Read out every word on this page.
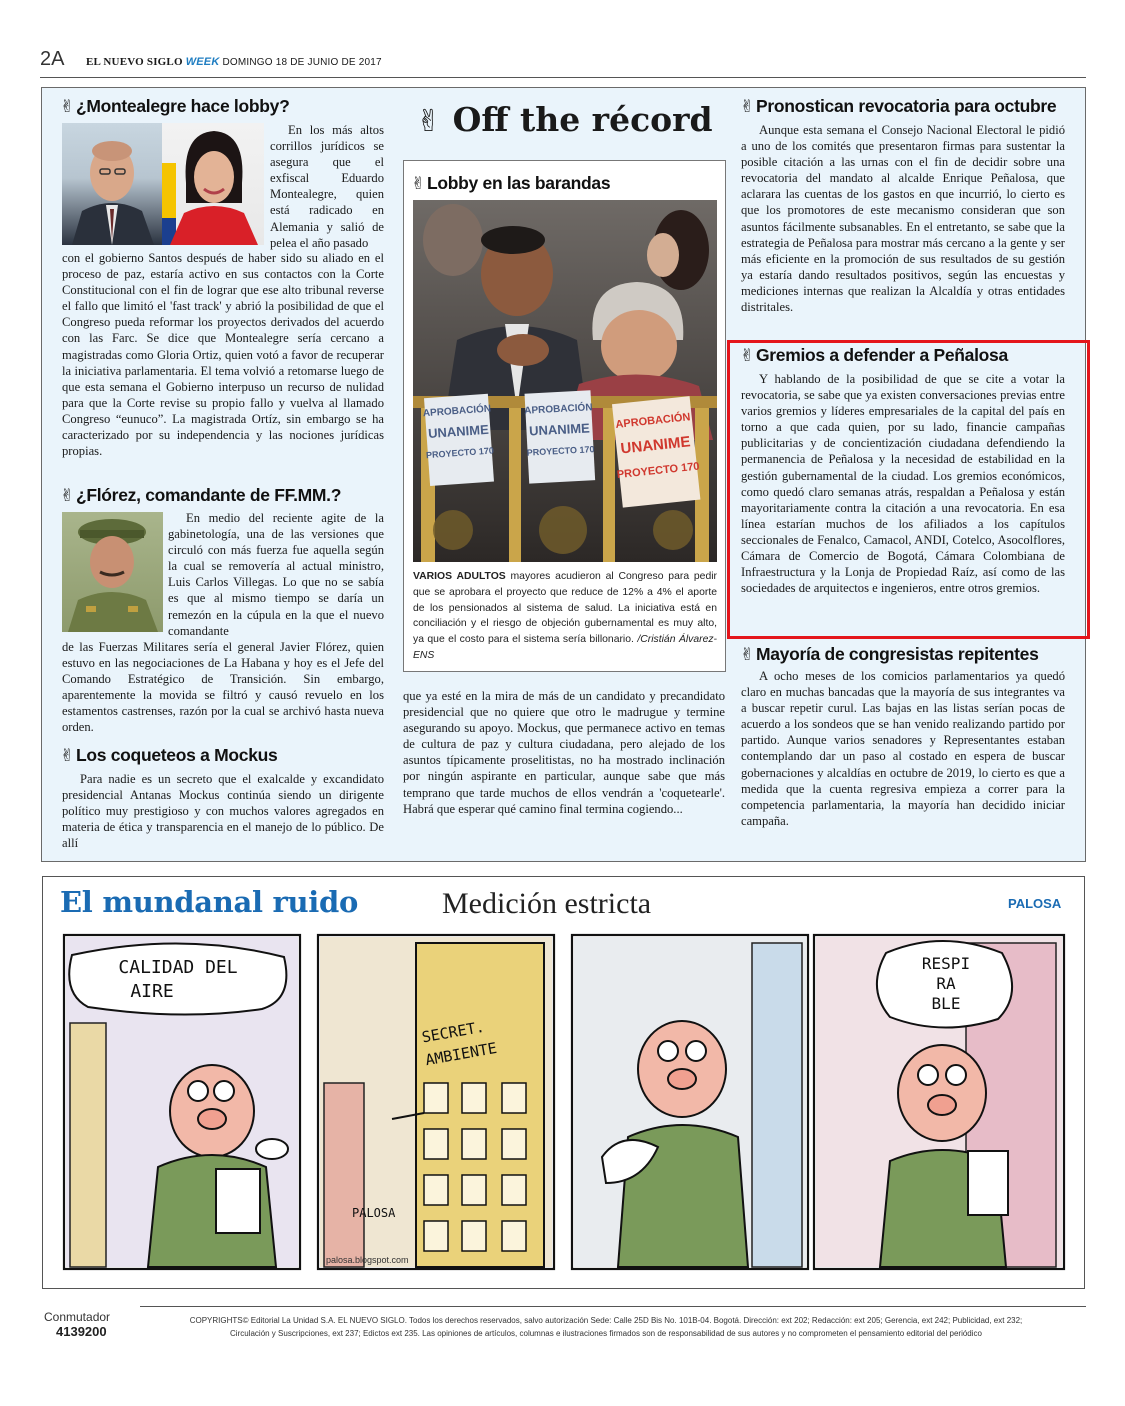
2A EL NUEVO SIGLO WEEK DOMINGO 18 DE JUNIO DE 2017
✌ ¿Montealegre hace lobby?

En los más altos corrillos jurídicos se asegura que el exfiscal Eduardo Montealegre, quien está radicado en Alemania y salió de pelea el año pasado

con el gobierno Santos después de haber sido su aliado en el proceso de paz, estaría activo en sus contactos con la Corte Constitucional con el fin de lograr que ese alto tribunal reverse el fallo que limitó el 'fast track' y abrió la posibilidad de que el Congreso pueda reformar los proyectos derivados del acuerdo con las Farc. Se dice que Montealegre sería cercano a magistradas como Gloria Ortiz, quien votó a favor de recuperar la iniciativa parlamentaria. El tema volvió a retomarse luego de que esta semana el Gobierno interpuso un recurso de nulidad para que la Corte revise su propio fallo y vuelva al llamado Congreso “eunuco”. La magistrada Ortíz, sin embargo se ha caracterizado por su independencia y las nociones jurídicas propias.

✌ ¿Flórez, comandante de FF.MM.?

En medio del reciente agite de la gabinetología, una de las versiones que circuló con más fuerza fue aquella según la cual se removería al actual ministro, Luis Carlos Villegas. Lo que no se sabía es que al mismo tiempo se daría un remezón en la cúpula en la que el nuevo comandante

de las Fuerzas Militares sería el general Javier Flórez, quien estuvo en las negociaciones de La Habana y hoy es el Jefe del Comando Estratégico de Transición. Sin embargo, aparentemente la movida se filtró y causó revuelo en los estamentos castrenses, razón por la cual se archivó hasta nueva orden.

✌ Los coqueteos a Mockus
Para nadie es un secreto que el exalcalde y excandidato presidencial Antanas Mockus continúa siendo un dirigente político muy prestigioso y con muchos valores agregados en materia de ética y transparencia en el manejo de lo público. De allí
✌ Off the récord
✌ Lobby en las barandas
APROBACIÓN
UNANIME
PROYECTO 170
APROBACIÓN
UNANIME
PROYECTO 170
APROBACIÓN
UNANIME
PROYECTO 170
VARIOS ADULTOS mayores acudieron al Congreso para pedir que se aprobara el proyecto que reduce de 12% a 4% el aporte de los pensionados al sistema de salud. La iniciativa está en conciliación y el riesgo de objeción gubernamental es muy alto, ya que el costo para el sistema sería billonario. /Cristián Álvarez-ENS
que ya esté en la mira de más de un candidato y precandidato presidencial que no quiere que otro le madrugue y termine asegurando su apoyo. Mockus, que permanece activo en temas de cultura de paz y cultura ciudadana, pero alejado de los asuntos típicamente proselitistas, no ha mostrado inclinación por ningún aspirante en particular, aunque sabe que más temprano que tarde muchos de ellos vendrán a 'coquetearle'. Habrá que esperar qué camino final termina cogiendo...
✌ Pronostican revocatoria para octubre
Aunque esta semana el Consejo Nacional Electoral le pidió a uno de los comités que presentaron firmas para sustentar la posible citación a las urnas con el fin de decidir sobre una revocatoria del mandato al alcalde Enrique Peñalosa, que aclarara las cuentas de los gastos en que incurrió, lo cierto es que los promotores de este mecanismo consideran que son asuntos fácilmente subsanables. En el entretanto, se sabe que la estrategia de Peñalosa para mostrar más cercano a la gente y ser más eficiente en la promoción de sus resultados de su gestión ya estaría dando resultados positivos, según las encuestas y mediciones internas que realizan la Alcaldía y otras entidades distritales.
✌ Gremios a defender a Peñalosa
Y hablando de la posibilidad de que se cite a votar la revocatoria, se sabe que ya existen conversaciones previas entre varios gremios y líderes empresariales de la capital del país en torno a que cada quien, por su lado, financie campañas publicitarias y de concientización ciudadana defendiendo la permanencia de Peñalosa y la necesidad de estabilidad en la gestión gubernamental de la ciudad. Los gremios económicos, como quedó claro semanas atrás, respaldan a Peñalosa y están mayoritariamente contra la citación a una revocatoria. En esa línea estarían muchos de los afiliados a los capítulos seccionales de Fenalco, Camacol, ANDI, Cotelco, Asocolflores, Cámara de Comercio de Bogotá, Cámara Colombiana de Infraestructura y la Lonja de Propiedad Raíz, así como de las sociedades de arquitectos e ingenieros, entre otros gremios.
✌ Mayoría de congresistas repitentes
A ocho meses de los comicios parlamentarios ya quedó claro en muchas bancadas que la mayoría de sus integrantes va a buscar repetir curul. Las bajas en las listas serían pocas de acuerdo a los sondeos que se han venido realizando partido por partido. Aunque varios senadores y Representantes estaban contemplando dar un paso al costado en espera de buscar gobernaciones y alcaldías en octubre de 2019, lo cierto es que a medida que la cuenta regresiva empieza a correr para la competencia parlamentaria, la mayoría han decidido iniciar campaña.
El mundanal ruido	Medición estricta	PALOSA
CALIDAD DEL
AIRE
SECRET.
AMBIENTE
PALOSA
palosa.blogspot.com
RESPI
RA
BLE
Conmutador
4139200
COPYRIGHTS© Editorial La Unidad S.A. EL NUEVO SIGLO. Todos los derechos reservados, salvo autorización Sede: Calle 25D Bis No. 101B-04. Bogotá. Dirección: ext 202; Redacción: ext 205; Gerencia, ext 242; Publicidad, ext 232;
Circulación y Suscripciones, ext 237; Edictos ext 235. Las opiniones de artículos, columnas e ilustraciones firmados son de responsabilidad de sus autores y no comprometen el pensamiento editorial del periódico
